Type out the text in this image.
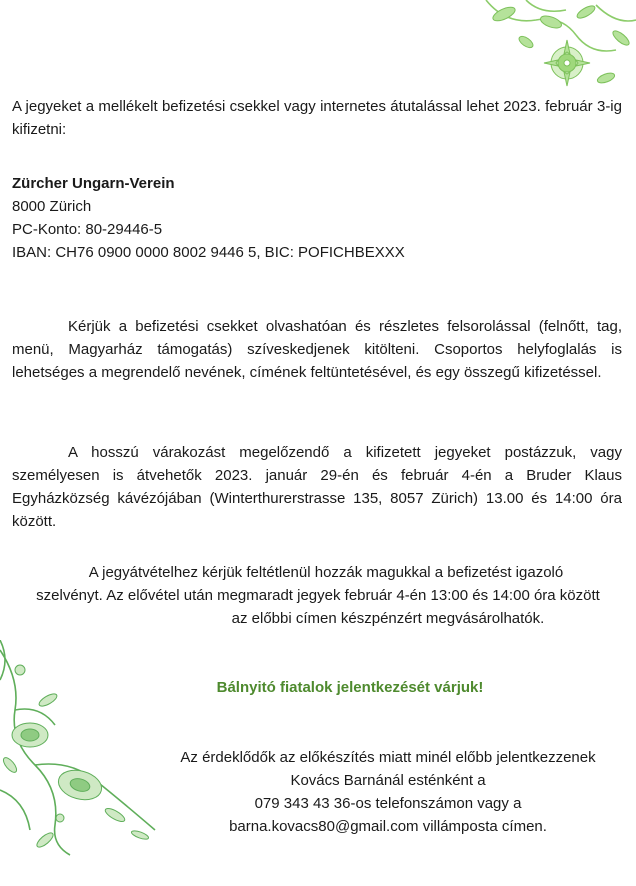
A jegyeket a mellékelt befizetési csekkel vagy internetes átutalással lehet 2023. február 3-ig kifizetni:

Zürcher Ungarn-Verein

8000 Zürich

PC-Konto: 80-29446-5

IBAN: CH76 0900 0000 8002 9446 5, BIC: POFICHBEXXX

Kérjük a befizetési csekket olvashatóan és részletes felsorolással (felnőtt, tag, menü, Magyarház támogatás) szíveskedjenek kitölteni. Csoportos helyfoglalás is lehetséges a megrendelő nevének, címének feltüntetésével, és egy összegű kifizetéssel.

A hosszú várakozást megelőzendő a kifizetett jegyeket postázzuk, vagy személyesen is átvehetők 2023. január 29-én és február 4-én a Bruder Klaus Egyházközség kávézójában (Winterthurerstrasse 135, 8057 Zürich) 13.00 és 14:00 óra között.

A jegyátvételhez kérjük feltétlenül hozzák magukkal a befizetést igazoló

szelvényt. Az elővétel után megmaradt jegyek február 4-én 13:00 és 14:00 óra között

az előbbi címen készpénzért megvásárolhatók.

Bálnyitó fiatalok jelentkezését várjuk!

Az érdeklődők az előkészítés miatt minél előbb jelentkezzenek

Kovács Barnánál esténként a

079 343 43 36-os telefonszámon vagy a

barna.kovacs80@gmail.com villámposta címen.
